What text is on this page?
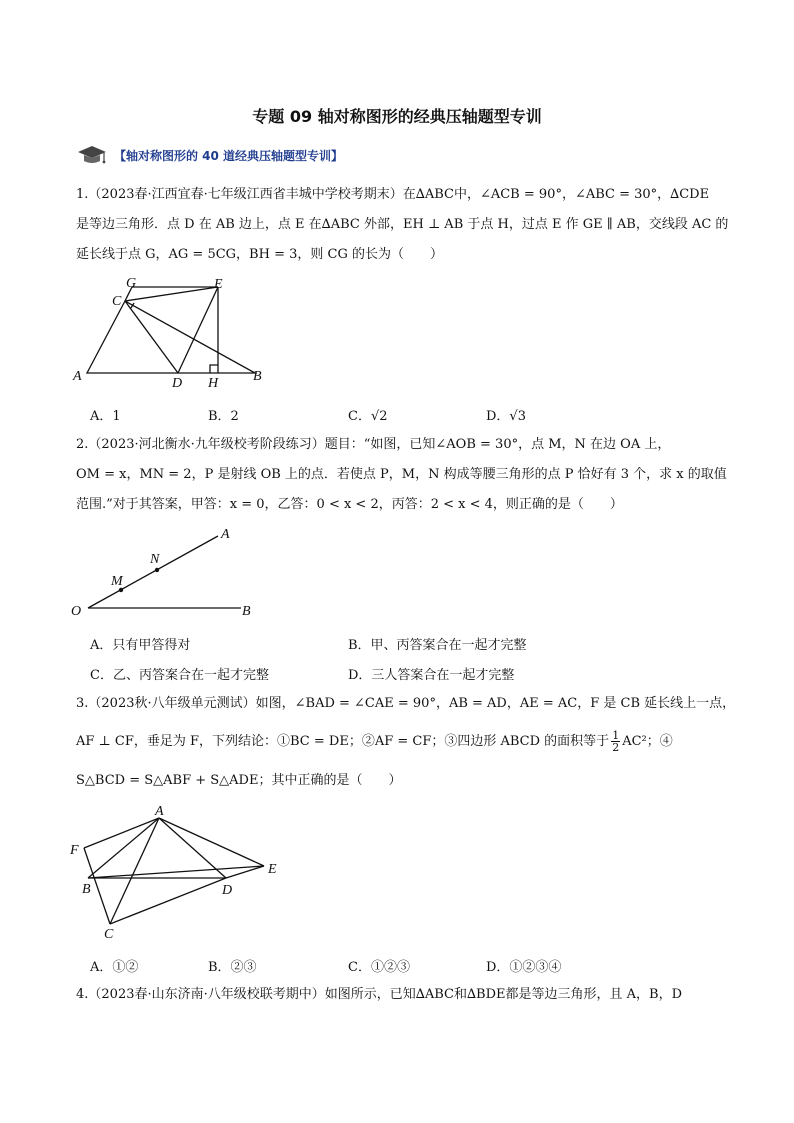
专题 09 轴对称图形的经典压轴题型专训
【轴对称图形的 40 道经典压轴题型专训】
1.（2023春·江西宜春·七年级江西省丰城中学校考期末）在∆ABC中，∠ACB = 90°，∠ABC = 30°，∆CDE
是等边三角形．点 D 在 AB 边上，点 E 在∆ABC 外部，EH ⊥ AB 于点 H，过点 E 作 GE ∥ AB，交线段 AC 的
延长线于点 G，AG = 5CG，BH = 3，则 CG 的长为（　　）
G	E
C
A	D H B
A．1	B．2	C．√2	D．√3
2.（2023·河北衡水·九年级校考阶段练习）题目：“如图，已知∠AOB = 30°，点 M，N 在边 OA 上，
OM = x，MN = 2，P 是射线 OB 上的点．若使点 P，M，N 构成等腰三角形的点 P 恰好有 3 个，求 x 的取值
范围.”对于其答案，甲答：x = 0，乙答：0 < x < 2，丙答：2 < x < 4，则正确的是（　　）
A
N
M
O	B
A．只有甲答得对	B．甲、丙答案合在一起才完整
C．乙、丙答案合在一起才完整	D．三人答案合在一起才完整
3.（2023秋·八年级单元测试）如图，∠BAD = ∠CAE = 90°，AB = AD，AE = AC，F 是 CB 延长线上一点，
AF ⊥ CF，垂足为 F，下列结论：①BC = DE；②AF = CF；③四边形 ABCD 的面积等于 $\frac{1}{2} AC^2$；④
S△BCD = S△ABF + S△ADE；其中正确的是（　　）
A
F
E
B	D
C
A．①②	B．②③	C．①②③	D．①②③④
4.（2023春·山东济南·八年级校联考期中）如图所示，已知∆ABC和∆BDE都是等边三角形，且 A，B，D
